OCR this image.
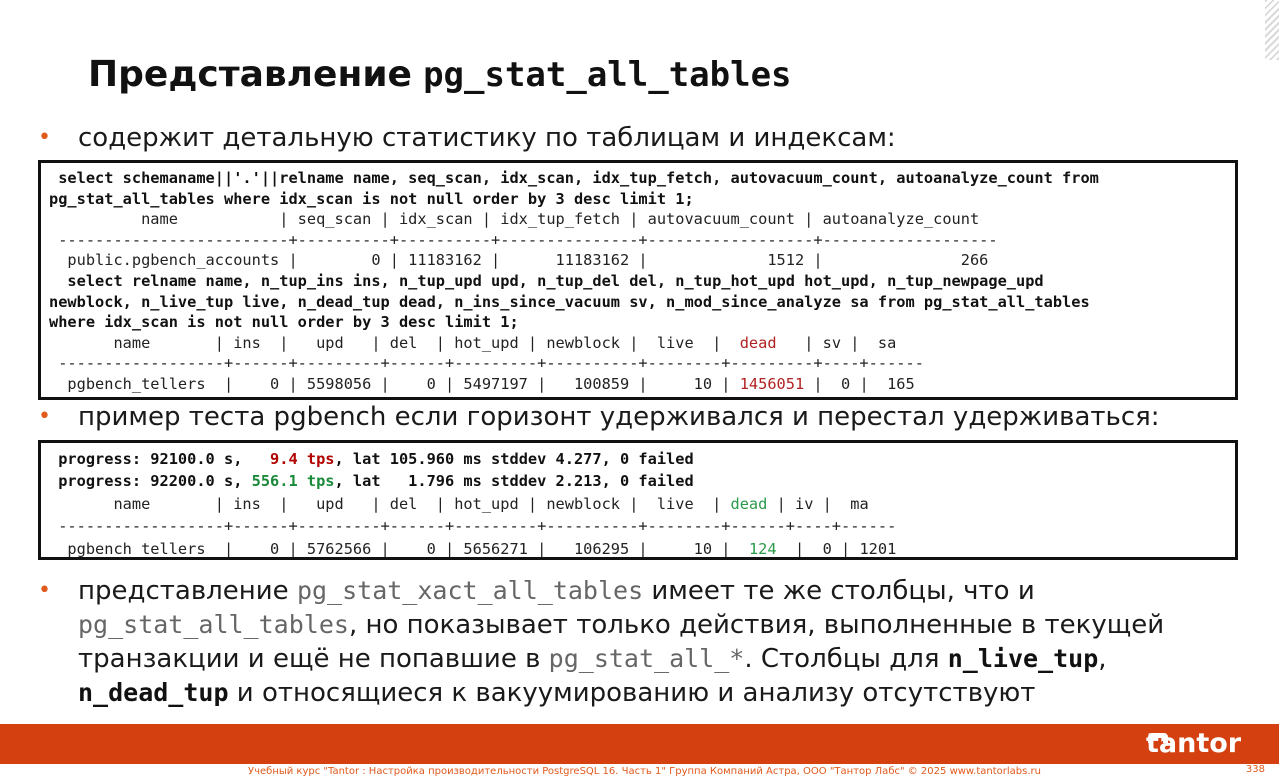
Представление pg_stat_all_tables
• содержит детальную статистику по таблицам и индексам:
select schemaname||'.'||relname name, seq_scan, idx_scan, idx_tup_fetch, autovacuum_count, autoanalyze_count from
pg_stat_all_tables where idx_scan is not null order by 3 desc limit 1;
name           | seq_scan | idx_scan | idx_tup_fetch | autovacuum_count | autoanalyze_count
-------------------------+----------+----------+---------------+------------------+-------------------
public.pgbench_accounts |        0 | 11183162 |      11183162 |             1512 |               266
select relname name, n_tup_ins ins, n_tup_upd upd, n_tup_del del, n_tup_hot_upd hot_upd, n_tup_newpage_upd
newblock, n_live_tup live, n_dead_tup dead, n_ins_since_vacuum sv, n_mod_since_analyze sa from pg_stat_all_tables
where idx_scan is not null order by 3 desc limit 1;
name       | ins  |   upd   | del  | hot_upd | newblock |  live  |  dead   | sv |  sa
------------------+------+---------+------+---------+----------+--------+---------+----+------
pgbench_tellers  |    0 | 5598056 |    0 | 5497197 |   100859 |     10 | 1456051 |  0 |  165
• пример теста pgbench если горизонт удерживался и перестал удерживаться:
progress: 92100.0 s,   9.4 tps, lat 105.960 ms stddev 4.277, 0 failed
progress: 92200.0 s, 556.1 tps, lat   1.796 ms stddev 2.213, 0 failed
name       | ins  |   upd   | del  | hot_upd | newblock |  live  | dead | iv |  ma
------------------+------+---------+------+---------+----------+--------+------+----+------
pgbench_tellers  |    0 | 5762566 |    0 | 5656271 |   106295 |     10 |  124  |  0 | 1201
• представление pg_stat_xact_all_tables имеет те же столбцы, что и
pg_stat_all_tables, но показывает только действия, выполненные в текущей
транзакции и ещё не попавшие в pg_stat_all_*. Столбцы для n_live_tup,
n_dead_tup и относящиеся к вакуумированию и анализу отсутствуют
tantor
Учебный курс "Tantor : Настройка производительности PostgreSQL 16. Часть 1" Группа Компаний Астра, ООО "Тантор Лабс" © 2025 www.tantorlabs.ru	338
